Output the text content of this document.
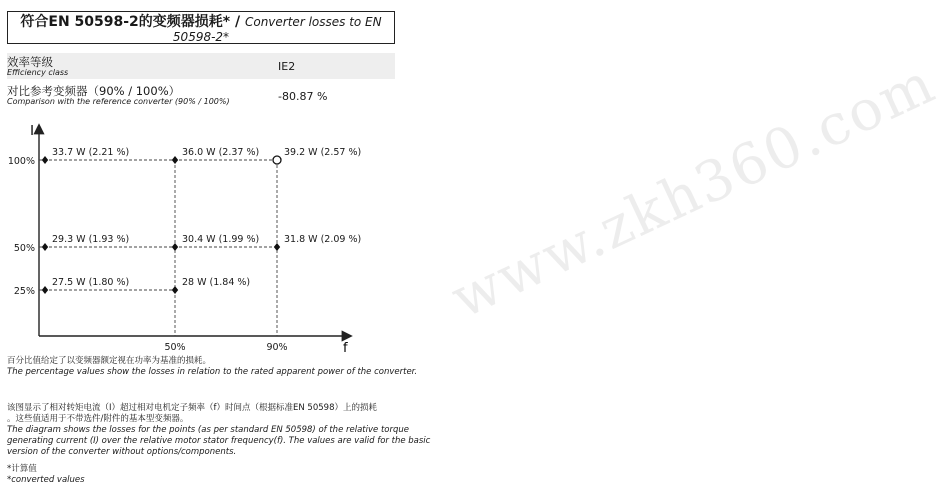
符合EN 50598-2的变频器损耗* / Converter losses to EN
50598-2*
效率等级
Efficiency class	IE2
对比参考变频器（90% / 100%）
Comparison with the reference converter (90% / 100%)	-80.87 %
I
f
100%
50%
25%
50%	90%
33.7 W (2.21 %)	36.0 W (2.37 %)	39.2 W (2.57 %)
29.3 W (1.93 %)	30.4 W (1.99 %)	31.8 W (2.09 %)
27.5 W (1.80 %)	28 W (1.84 %)
百分比值给定了以变频器额定视在功率为基准的损耗。
The percentage values show the losses in relation to the rated apparent power of the converter.
该图显示了相对转矩电流（I）超过相对电机定子频率（f）时间点（根据标准EN 50598）上的损耗
。这些值适用于不带选件/附件的基本型变频器。
The diagram shows the losses for the points (as per standard EN 50598) of the relative torque
generating current (I) over the relative motor stator frequency(f). The values are valid for the basic
version of the converter without options/components.
*计算值
*converted values
www.zkh360.com
